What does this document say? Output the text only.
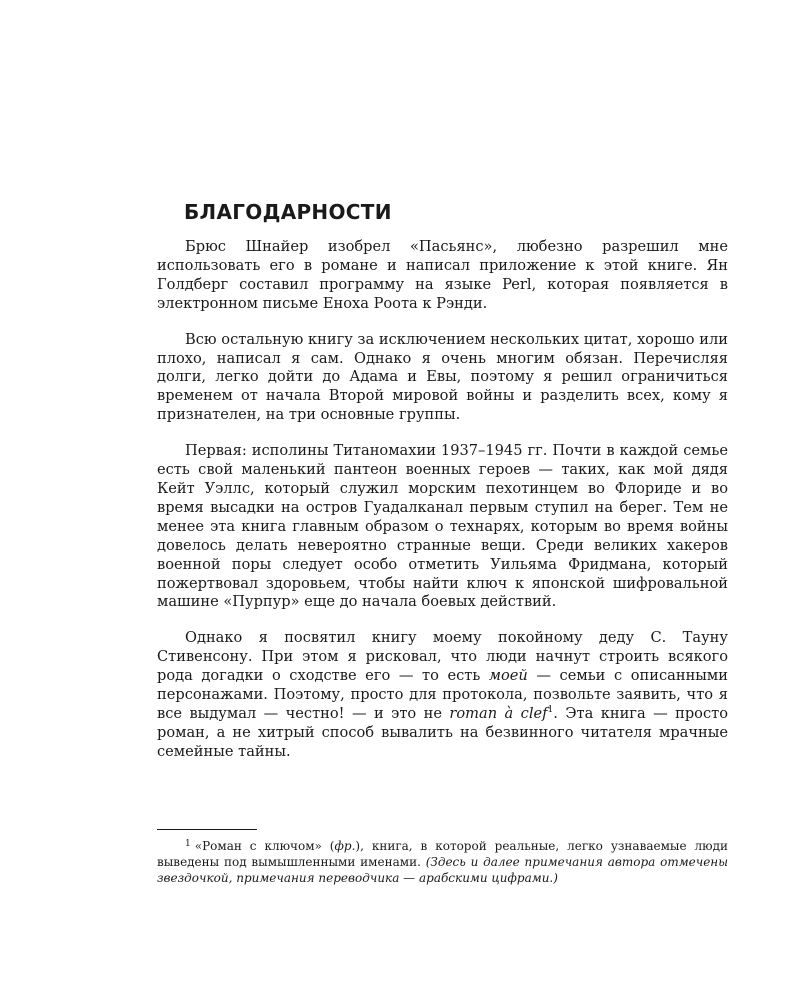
БЛАГОДАРНОСТИ

Брюс Шнайер изобрел «Пасьянс», любезно разрешил мне использовать его в романе и написал приложение к этой книге. Ян Голдберг составил программу на языке Perl, которая появляется в электронном письме Еноха Роота к Рэнди.

Всю остальную книгу за исключением нескольких цитат, хорошо или плохо, написал я сам. Однако я очень многим обязан. Перечисляя долги, легко дойти до Адама и Евы, поэтому я решил ограничиться временем от начала Второй мировой войны и разделить всех, кому я признателен, на три основные группы.

Первая: исполины Титаномахии 1937–1945 гг. Почти в каждой семье есть свой маленький пантеон военных героев — таких, как мой дядя Кейт Уэллс, который служил морским пехотинцем во Флориде и во время высадки на остров Гуадалканал первым ступил на берег. Тем не менее эта книга главным образом о технарях, которым во время войны довелось делать невероятно странные вещи. Среди великих хакеров военной поры следует особо отметить Уильяма Фридмана, который пожертвовал здоровьем, чтобы найти ключ к японской шифровальной машине «Пурпур» еще до начала боевых действий.

Однако я посвятил книгу моему покойному деду С. Тауну Стивенсону. При этом я рисковал, что люди начнут строить всякого рода догадки о сходстве его — то есть моей — семьи с описанными персонажами. Поэтому, просто для протокола, позвольте заявить, что я все выдумал — честно! — и это не roman à clef$^1$. Эта книга — просто роман, а не хитрый способ вывалить на безвинного читателя мрачные семейные тайны.

$^1$ «Роман с ключом» (фр.), книга, в которой реальные, легко узнаваемые люди выведены под вымышленными именами. (Здесь и далее примечания автора отмечены звездочкой, примечания переводчика — арабскими цифрами.)
